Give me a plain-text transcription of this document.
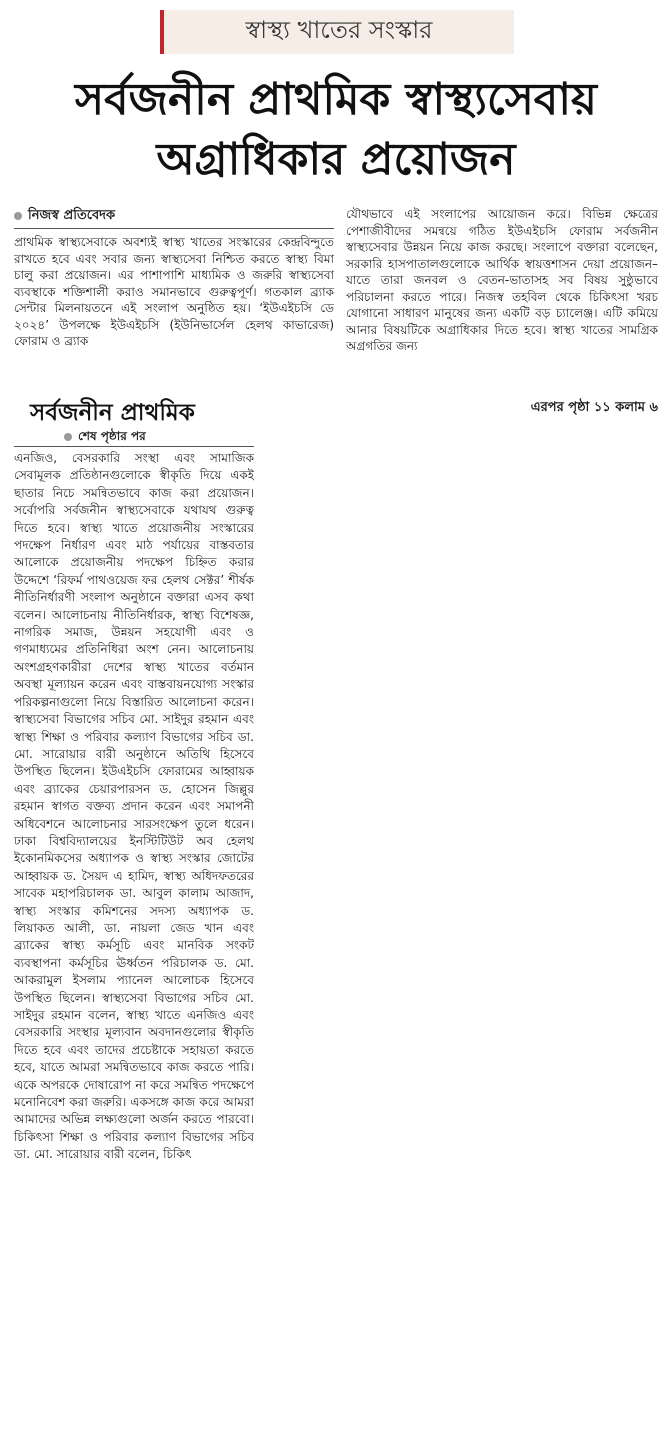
স্বাস্থ্য খাতের সংস্কার
সর্বজনীন প্রাথমিক স্বাস্থ্যসেবায়
অগ্রাধিকার প্রয়োজন
নিজস্ব প্রতিবেদক
প্রাথমিক স্বাস্থ্যসেবাকে অবশ্যই স্বাস্থ্য খাতের সংস্কারের কেন্দ্রবিন্দুতে রাখতে হবে এবং সবার জন্য স্বাস্থ্যসেবা নিশ্চিত করতে স্বাস্থ্য বিমা চালু করা প্রয়োজন। এর পাশাপাশি মাধ্যমিক ও জরুরি স্বাস্থ্যসেবা ব্যবস্থাকে শক্তিশালী করাও সমানভাবে গুরুত্বপূর্ণ। গতকাল ব্র্যাক সেন্টার মিলনায়তনে এই সংলাপ অনুষ্ঠিত হয়। ‘ইউএইচসি ডে ২০২৪’ উপলক্ষে ইউএইচসি (ইউনিভার্সেল হেলথ কাভারেজ) ফোরাম ও ব্র্যাক
যৌথভাবে এই সংলাপের আয়োজন করে। বিভিন্ন ক্ষেত্রের পেশাজীবীদের সমন্বয়ে গঠিত ইউএইচসি ফোরাম সর্বজনীন স্বাস্থ্যসেবার উন্নয়ন নিয়ে কাজ করছে। সংলাপে বক্তারা বলেছেন, সরকারি হাসপাতালগুলোকে আর্থিক স্বায়ত্তশাসন দেয়া প্রয়োজন– যাতে তারা জনবল ও বেতন-ভাতাসহ সব বিষয় সুষ্ঠুভাবে পরিচালনা করতে পারে। নিজস্ব তহবিল থেকে চিকিৎসা খরচ যোগানো সাধারণ মানুষের জন্য একটি বড় চ্যালেঞ্জ। এটি কমিয়ে আনার বিষয়টিকে অগ্রাধিকার দিতে হবে। স্বাস্থ্য খাতের সামগ্রিক অগ্রগতির জন্য
এরপর পৃষ্ঠা ১১ কলাম ৬
সর্বজনীন প্রাথমিক
শেষ পৃষ্ঠার পর
এনজিও, বেসরকারি সংস্থা এবং সামাজিক সেবামূলক প্রতিষ্ঠানগুলোকে স্বীকৃতি দিয়ে একই ছাতার নিচে সমন্বিতভাবে কাজ করা প্রয়োজন। সর্বোপরি সর্বজনীন স্বাস্থ্যসেবাকে যথাযথ গুরুত্ব দিতে হবে। স্বাস্থ্য খাতে প্রয়োজনীয় সংস্কারের পদক্ষেপ নির্ধারণ এবং মাঠ পর্যায়ের বাস্তবতার আলোকে প্রয়োজনীয় পদক্ষেপ চিহ্নিত করার উদ্দেশে ‘রিফর্ম পাথওয়েজ ফর হেলথ সেক্টর’ শীর্ষক নীতিনির্ধারণী সংলাপ অনুষ্ঠানে বক্তারা এসব কথা বলেন। আলোচনায় নীতিনির্ধারক, স্বাস্থ্য বিশেষজ্ঞ, নাগরিক সমাজ, উন্নয়ন সহযোগী এবং ও গণমাধ্যমের প্রতিনিধিরা অংশ নেন। আলোচনায় অংশগ্রহণকারীরা দেশের স্বাস্থ্য খাতের বর্তমান অবস্থা মূল্যায়ন করেন এবং বাস্তবায়নযোগ্য সংস্কার পরিকল্পনাগুলো নিয়ে বিস্তারিত আলোচনা করেন। স্বাস্থ্যসেবা বিভাগের সচিব মো. সাইদুর রহমান এবং স্বাস্থ্য শিক্ষা ও পরিবার কল্যাণ বিভাগের সচিব ডা. মো. সারোয়ার বারী অনুষ্ঠানে অতিথি হিসেবে উপস্থিত ছিলেন। ইউএইচসি ফোরামের আহ্বায়ক এবং ব্র্যাকের চেয়ারপারসন ড. হোসেন জিল্লুর রহমান স্বাগত বক্তব্য প্রদান করেন এবং সমাপনী অধিবেশনে আলোচনার সারসংক্ষেপ তুলে ধরেন। ঢাকা বিশ্ববিদ্যালয়ের ইনস্টিটিউট অব হেলথ ইকোনমিকসের অধ্যাপক ও স্বাস্থ্য সংস্কার জোটের আহ্বায়ক ড. সৈয়দ এ হামিদ, স্বাস্থ্য অধিদফতরের সাবেক মহাপরিচালক ডা. আবুল কালাম আজাদ, স্বাস্থ্য সংস্কার কমিশনের সদস্য অধ্যাপক ড. লিয়াকত আলী, ডা. নায়লা জেড খান এবং ব্র্যাকের স্বাস্থ্য কর্মসূচি এবং মানবিক সংকট ব্যবস্থাপনা কর্মসূচির ঊর্ধ্বতন পরিচালক ড. মো. আকরামুল ইসলাম প্যানেল আলোচক হিসেবে উপস্থিত ছিলেন। স্বাস্থ্যসেবা বিভাগের সচিব মো. সাইদুর রহমান বলেন, স্বাস্থ্য খাতে এনজিও এবং বেসরকারি সংস্থার মূল্যবান অবদানগুলোর স্বীকৃতি দিতে হবে এবং তাদের প্রচেষ্টাকে সহায়তা করতে হবে, যাতে আমরা সমন্বিতভাবে কাজ করতে পারি। একে অপরকে দোষারোপ না করে সমন্বিত পদক্ষেপে মনোনিবেশ করা জরুরি। একসঙ্গে কাজ করে আমরা আমাদের অভিন্ন লক্ষ্যগুলো অর্জন করতে পারবো। চিকিৎসা শিক্ষা ও পরিবার কল্যাণ বিভাগের সচিব ডা. মো. সারোয়ার বারী বলেন, চিকিৎ
